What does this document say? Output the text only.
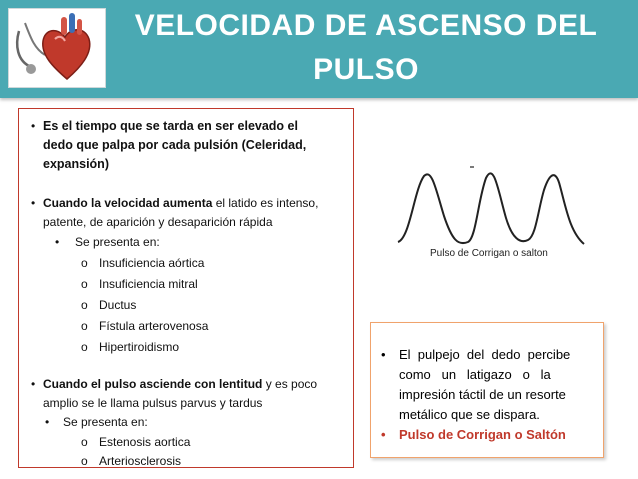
VELOCIDAD DE ASCENSO DEL
PULSO
• Es el tiempo que se tarda en ser elevado el
dedo que palpa por cada pulsión (Celeridad,
expansión)
• Cuando la velocidad aumenta el latido es intenso,
patente, de aparición y desaparición rápida
• Se presenta en:
o Insuficiencia aórtica
o Insuficiencia mitral
o Ductus
o Fístula arterovenosa
o Hipertiroidismo
• Cuando el pulso asciende con lentitud y es poco
amplio se le llama pulsus parvus y tardus
• Se presenta en:
o Estenosis aortica
o Arteriosclerosis
Pulso de Corrigan o salton
• El  pulpejo  del  dedo  percibe
como   un   latigazo   o   la
impresión táctil de un resorte
metálico que se dispara.
• Pulso de Corrigan o Saltón
